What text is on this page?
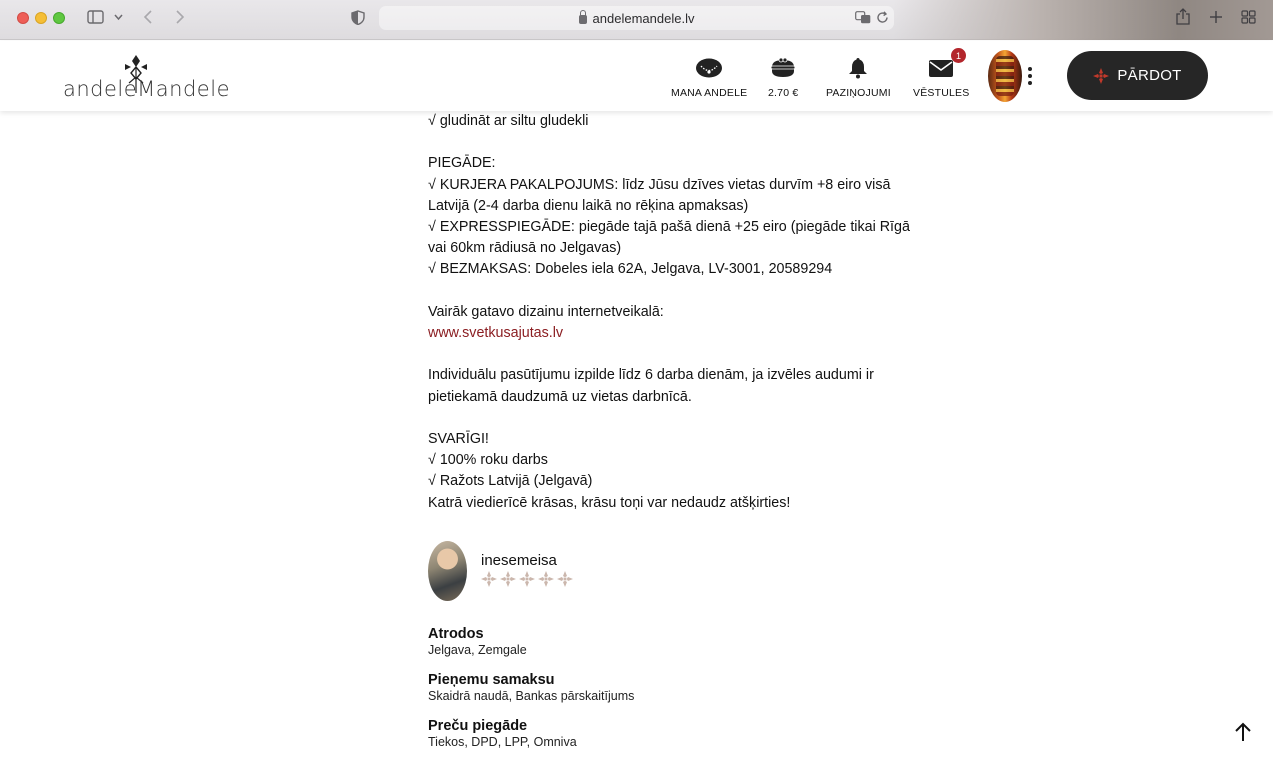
andelemandele.lv
andeleMandele	MANA ANDELE 2.70 €	PAZIŅOJUMI VĒSTULES
1
PĀRDOT

√ gludināt ar siltu gludekli

PIEGĀDE:

√ KURJERA PAKALPOJUMS: līdz Jūsu dzīves vietas durvīm +8 eiro visā Latvijā (2-4 darba dienu laikā no rēķina apmaksas)

√ EXPRESSPIEGĀDE: piegāde tajā pašā dienā +25 eiro (piegāde tikai Rīgā vai 60km rādiusā no Jelgavas)

√ BEZMAKSAS: Dobeles iela 62A, Jelgava, LV-3001, 20589294

Vairāk gatavo dizainu internetveikalā:

www.svetkusajutas.lv

Individuālu pasūtījumu izpilde līdz 6 darba dienām, ja izvēles audumi ir pietiekamā daudzumā uz vietas darbnīcā.

SVARĪGI!

√ 100% roku darbs

√ Ražots Latvijā (Jelgavā)

Katrā viedierīcē krāsas, krāsu toņi var nedaudz atšķirties!

inesemeisa
Atrodos
Jelgava, Zemgale
Pieņemu samaksu
Skaidrā naudā, Bankas pārskaitījums
Preču piegāde
Tiekos, DPD, LPP, Omniva
